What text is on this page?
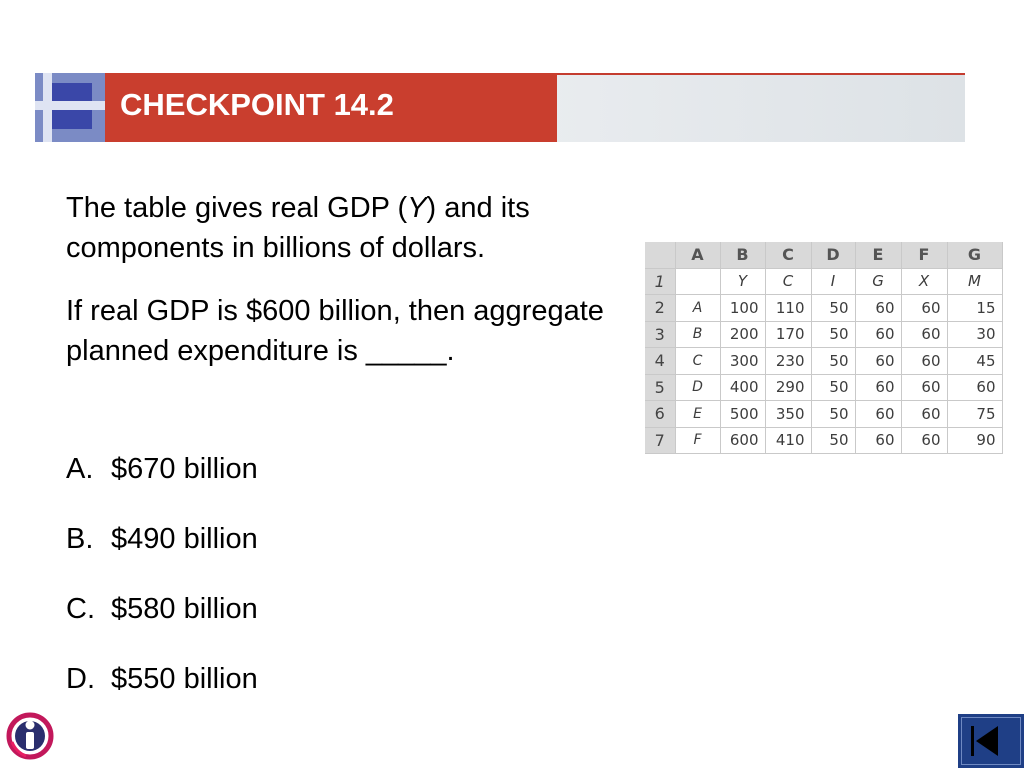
CHECKPOINT 14.2

The table gives real GDP (Y) and its components in billions of dollars.

If real GDP is $600 billion, then aggregate planned expenditure is _____.

A. $670 billion
B. $490 billion
C. $580 billion
D. $550 billion
	A	B	C	D	E	F	G
1		Y	C	I	G	X	M
2	A	100	110	50	60	60	15
3	B	200	170	50	60	60	30
4	C	300	230	50	60	60	45
5	D	400	290	50	60	60	60
6	E	500	350	50	60	60	75
7	F	600	410	50	60	60	90
